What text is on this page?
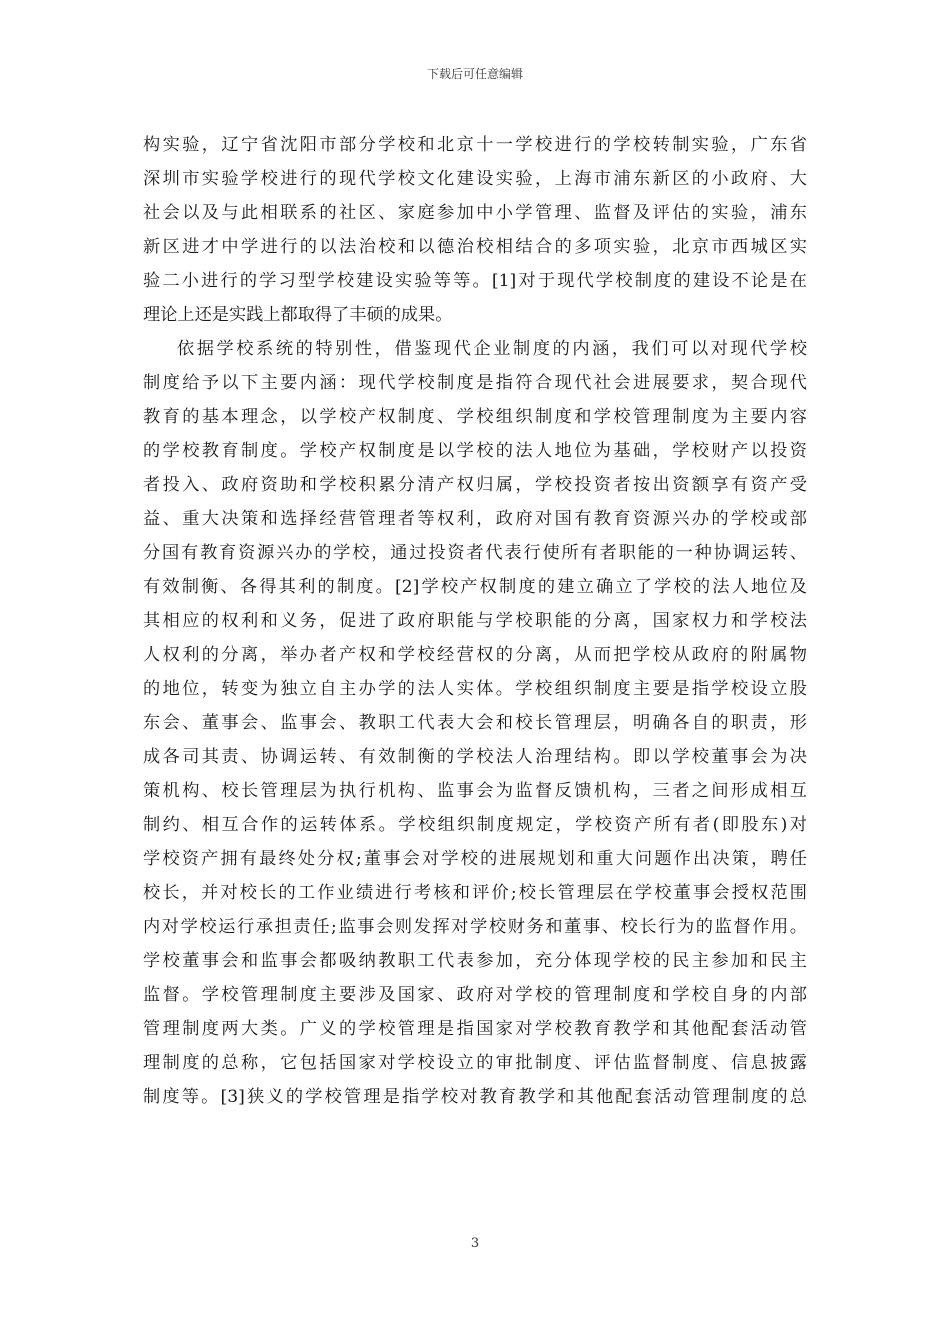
下载后可任意编辑
构实验，辽宁省沈阳市部分学校和北京十一学校进行的学校转制实验，广东省
深圳市实验学校进行的现代学校文化建设实验，上海市浦东新区的小政府、大
社会以及与此相联系的社区、家庭参加中小学管理、监督及评估的实验，浦东
新区进才中学进行的以法治校和以德治校相结合的多项实验，北京市西城区实
验二小进行的学习型学校建设实验等等。[1]对于现代学校制度的建设不论是在
理论上还是实践上都取得了丰硕的成果。
依据学校系统的特别性，借鉴现代企业制度的内涵，我们可以对现代学校
制度给予以下主要内涵：现代学校制度是指符合现代社会进展要求，契合现代
教育的基本理念，以学校产权制度、学校组织制度和学校管理制度为主要内容
的学校教育制度。学校产权制度是以学校的法人地位为基础，学校财产以投资
者投入、政府资助和学校积累分清产权归属，学校投资者按出资额享有资产受
益、重大决策和选择经营管理者等权利，政府对国有教育资源兴办的学校或部
分国有教育资源兴办的学校，通过投资者代表行使所有者职能的一种协调运转、
有效制衡、各得其利的制度。[2]学校产权制度的建立确立了学校的法人地位及
其相应的权利和义务，促进了政府职能与学校职能的分离，国家权力和学校法
人权利的分离，举办者产权和学校经营权的分离，从而把学校从政府的附属物
的地位，转变为独立自主办学的法人实体。学校组织制度主要是指学校设立股
东会、董事会、监事会、教职工代表大会和校长管理层，明确各自的职责，形
成各司其责、协调运转、有效制衡的学校法人治理结构。即以学校董事会为决
策机构、校长管理层为执行机构、监事会为监督反馈机构，三者之间形成相互
制约、相互合作的运转体系。学校组织制度规定，学校资产所有者(即股东)对
学校资产拥有最终处分权;董事会对学校的进展规划和重大问题作出决策，聘任
校长，并对校长的工作业绩进行考核和评价;校长管理层在学校董事会授权范围
内对学校运行承担责任;监事会则发挥对学校财务和董事、校长行为的监督作用。
学校董事会和监事会都吸纳教职工代表参加，充分体现学校的民主参加和民主
监督。学校管理制度主要涉及国家、政府对学校的管理制度和学校自身的内部
管理制度两大类。广义的学校管理是指国家对学校教育教学和其他配套活动管
理制度的总称，它包括国家对学校设立的审批制度、评估监督制度、信息披露
制度等。[3]狭义的学校管理是指学校对教育教学和其他配套活动管理制度的总
3
